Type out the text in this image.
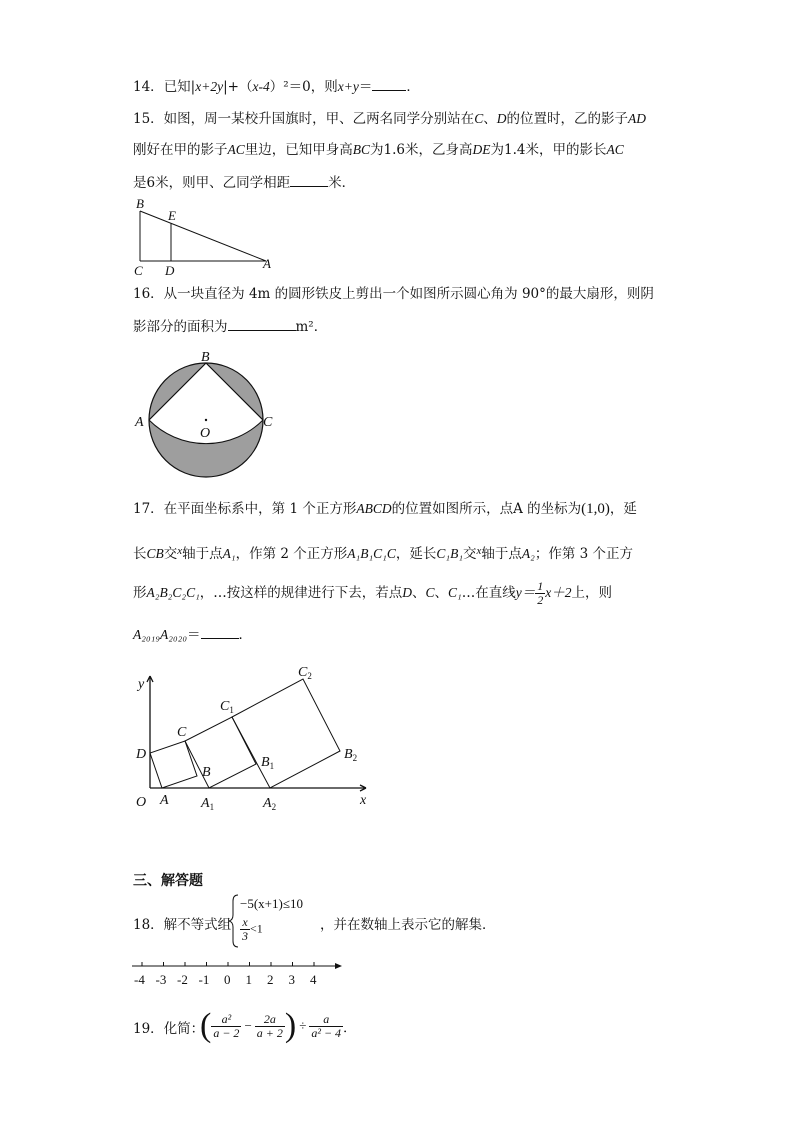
14．已知|x+2y|+（x-4）²＝0，则x+y＝	．
15．如图，周一某校升国旗时，甲、乙两名同学分别站在C、D的位置时，乙的影子AD
刚好在甲的影子AC里边，已知甲身高BC为1.6米，乙身高DE为1.4米，甲的影长AC
是6米，则甲、乙同学相距	米．
B
E
C D	A
16．从一块直径为 4m 的圆形铁皮上剪出一个如图所示圆心角为 90°的最大扇形，则阴
影部分的面积为	m²．
B
A	C
O
17．在平面坐标系中，第 1 个正方形ABCD的位置如图所示，点A 的坐标为(1,0)，延
长CB交$^x$轴于点A₁，作第 2 个正方形A₁B₁C₁C，延长C₁B₁交$^x$轴于点A₂；作第 3 个正方
形A₂B₂C₂C₁，…按这样的规律进行下去，若点D、C、C₁…在直线$y= \frac{1}{2} x+2$上，则
A₂₀₁₉A₂₀₂₀＝	．
y
x
O
D
A $A_1$	$A_2$
B
$B_1$
$B_2$
C
$C_1$
$C_2$
三、解答题
18．解不等式组
−5(x+1)≤10
$\frac{x}{3} <1$	，并在数轴上表示它的解集．
-4 -3 -2 -1 0 1 2 3 4
19．化简：
( $\frac{\text{a²}}{a - 2} - \frac{2a}{a + 2}$ ) ÷ $\frac{a}{\text{a² − 4}}$ ．
